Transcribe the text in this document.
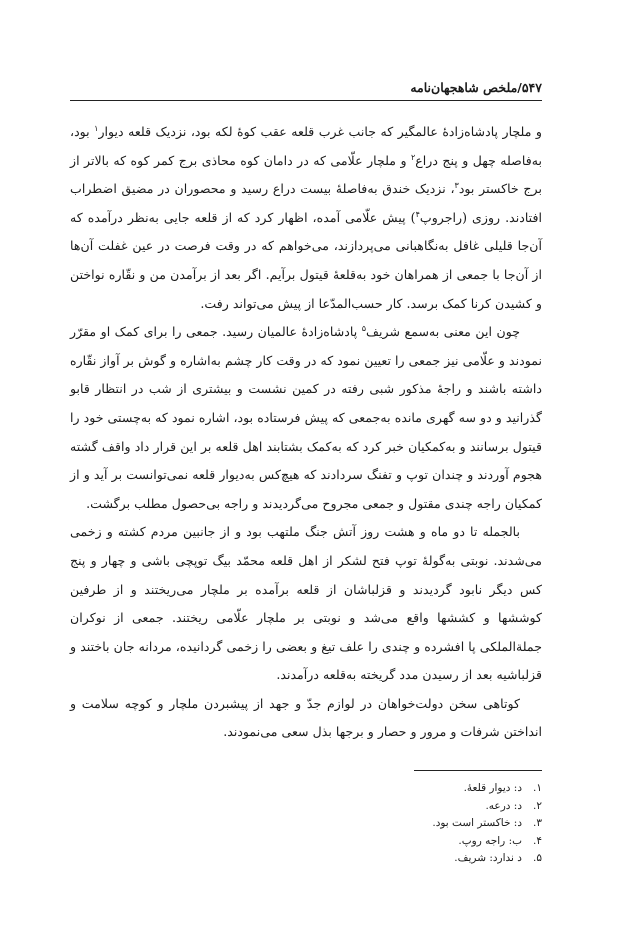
۵۴۷/ملخص شاهجهان‌نامه

و ملچار پادشاه‌زادهٔ عالمگیر که جانب غرب قلعه عقب کوهٔ لکه بود، نزدیک قلعه دیوار$^۱$ بود، به‌فاصله چهل و پنج دراع$^۲$ و ملچار علّامی که در دامان کوه محاذی برج کمر کوه که بالاتر از برج خاکستر بود$^۳$، نزدیک خندق به‌فاصلهٔ بیست دراع رسید و محصوران در مضیق اضطراب افتادند. روزی (راجروپ$^۴$) پیش علّامی آمده، اظهار کرد که از قلعه جایی به‌نظر درآمده که آن‌جا قلیلی غافل به‌نگاهبانی می‌پردازند، می‌خواهم که در وقت فرصت در عین غفلت آن‌ها از آن‌جا با جمعی از همراهان خود به‌قلعهٔ قیتول برآیم. اگر بعد از برآمدن من و نقّاره نواختن و کشیدن کرنا کمک برسد. کار حسب‌المدّعا از پیش می‌تواند رفت.

چون این معنی به‌سمع شریف$^۵$ پادشاه‌زادهٔ عالمیان رسید. جمعی را برای کمک او مقرّر نمودند و علّامی نیز جمعی را تعیین نمود که در وقت کار چشم به‌اشاره و گوش بر آواز نقّاره داشته باشند و راجهٔ مذکور شبی رفته در کمین نشست و بیشتری از شب در انتظار قابو گذرانید و دو سه گهری مانده به‌جمعی که پیش فرستاده بود، اشاره نمود که به‌چستی خود را قیتول برسانند و به‌کمکیان خبر کرد که به‌کمک بشتابند اهل قلعه بر این قرار داد واقف گشته هجوم آوردند و چندان توپ و تفنگ سردادند که هیچ‌کس به‌دیوار قلعه نمی‌توانست بر آید و از کمکیان راجه چندی مقتول و جمعی مجروح می‌گردیدند و راجه بی‌حصول مطلب برگشت.

بالجمله تا دو ماه و هشت روز آتش جنگ ملتهب بود و از جانبین مردم کشته و زخمی می‌شدند. نوبتی به‌گولهٔ توپ فتح لشکر از اهل قلعه محمّد بیگ توپچی باشی و چهار و پنج کس دیگر نابود گردیدند و قزلباشان از قلعه برآمده بر ملچار می‌ریختند و از طرفین کوششها و کششها واقع می‌شد و نوبتی بر ملچار علّامی ریختند. جمعی از نوکران جملةالملکی پا افشرده و چندی را علف تیغ و بعضی را زخمی گردانیده، مردانه جان باختند و قزلباشیه بعد از رسیدن مدد گریخته به‌قلعه درآمدند.

کوتاهی سخن دولت‌خواهان در لوازم جدّ و جهد از پیشبردن ملچار و کوچه سلامت و انداختن شرفات و مرور و حصار و برجها بذل سعی می‌نمودند.

۱.د: دیوار قلعهٔ.
۲.د: درعه.
۳.د: خاکستر است بود.
۴.ب: راجه روپ.
۵.د ندارد: شریف.
